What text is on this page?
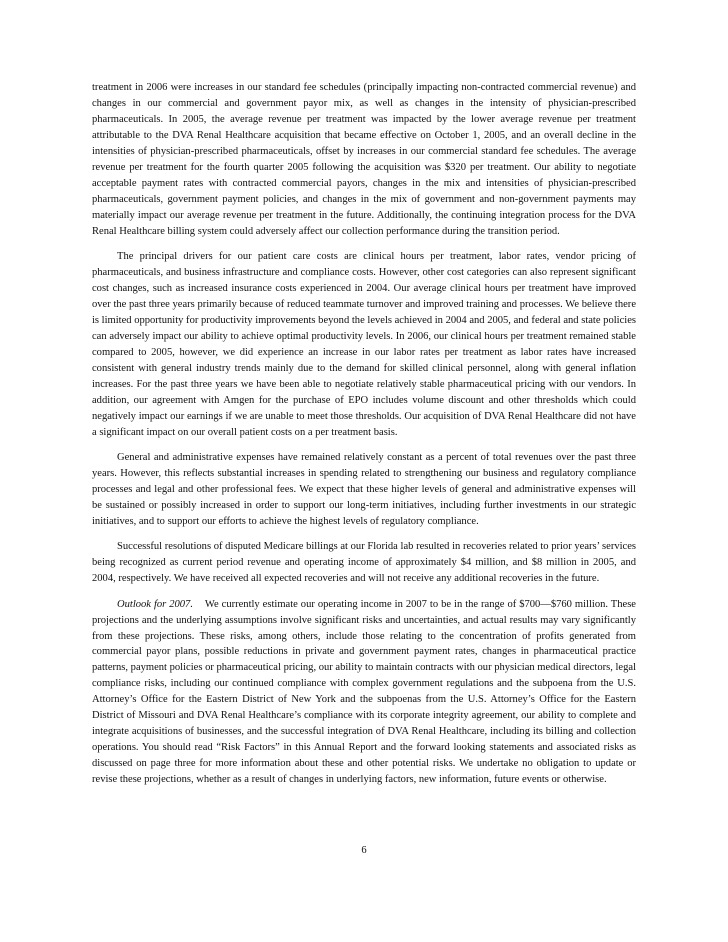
treatment in 2006 were increases in our standard fee schedules (principally impacting non-contracted commercial revenue) and changes in our commercial and government payor mix, as well as changes in the intensity of physician-prescribed pharmaceuticals. In 2005, the average revenue per treatment was impacted by the lower average revenue per treatment attributable to the DVA Renal Healthcare acquisition that became effective on October 1, 2005, and an overall decline in the intensities of physician-prescribed pharmaceuticals, offset by increases in our commercial standard fee schedules. The average revenue per treatment for the fourth quarter 2005 following the acquisition was $320 per treatment. Our ability to negotiate acceptable payment rates with contracted commercial payors, changes in the mix and intensities of physician-prescribed pharmaceuticals, government payment policies, and changes in the mix of government and non-government payments may materially impact our average revenue per treatment in the future. Additionally, the continuing integration process for the DVA Renal Healthcare billing system could adversely affect our collection performance during the transition period.

The principal drivers for our patient care costs are clinical hours per treatment, labor rates, vendor pricing of pharmaceuticals, and business infrastructure and compliance costs. However, other cost categories can also represent significant cost changes, such as increased insurance costs experienced in 2004. Our average clinical hours per treatment have improved over the past three years primarily because of reduced teammate turnover and improved training and processes. We believe there is limited opportunity for productivity improvements beyond the levels achieved in 2004 and 2005, and federal and state policies can adversely impact our ability to achieve optimal productivity levels. In 2006, our clinical hours per treatment remained stable compared to 2005, however, we did experience an increase in our labor rates per treatment as labor rates have increased consistent with general industry trends mainly due to the demand for skilled clinical personnel, along with general inflation increases. For the past three years we have been able to negotiate relatively stable pharmaceutical pricing with our vendors. In addition, our agreement with Amgen for the purchase of EPO includes volume discount and other thresholds which could negatively impact our earnings if we are unable to meet those thresholds. Our acquisition of DVA Renal Healthcare did not have a significant impact on our overall patient costs on a per treatment basis.

General and administrative expenses have remained relatively constant as a percent of total revenues over the past three years. However, this reflects substantial increases in spending related to strengthening our business and regulatory compliance processes and legal and other professional fees. We expect that these higher levels of general and administrative expenses will be sustained or possibly increased in order to support our long-term initiatives, including further investments in our strategic initiatives, and to support our efforts to achieve the highest levels of regulatory compliance.

Successful resolutions of disputed Medicare billings at our Florida lab resulted in recoveries related to prior years’ services being recognized as current period revenue and operating income of approximately $4 million, and $8 million in 2005, and 2004, respectively. We have received all expected recoveries and will not receive any additional recoveries in the future.

Outlook for 2007. We currently estimate our operating income in 2007 to be in the range of $700—$760 million. These projections and the underlying assumptions involve significant risks and uncertainties, and actual results may vary significantly from these projections. These risks, among others, include those relating to the concentration of profits generated from commercial payor plans, possible reductions in private and government payment rates, changes in pharmaceutical practice patterns, payment policies or pharmaceutical pricing, our ability to maintain contracts with our physician medical directors, legal compliance risks, including our continued compliance with complex government regulations and the subpoena from the U.S. Attorney’s Office for the Eastern District of New York and the subpoenas from the U.S. Attorney’s Office for the Eastern District of Missouri and DVA Renal Healthcare’s compliance with its corporate integrity agreement, our ability to complete and integrate acquisitions of businesses, and the successful integration of DVA Renal Healthcare, including its billing and collection operations. You should read “Risk Factors” in this Annual Report and the forward looking statements and associated risks as discussed on page three for more information about these and other potential risks. We undertake no obligation to update or revise these projections, whether as a result of changes in underlying factors, new information, future events or otherwise.

6
